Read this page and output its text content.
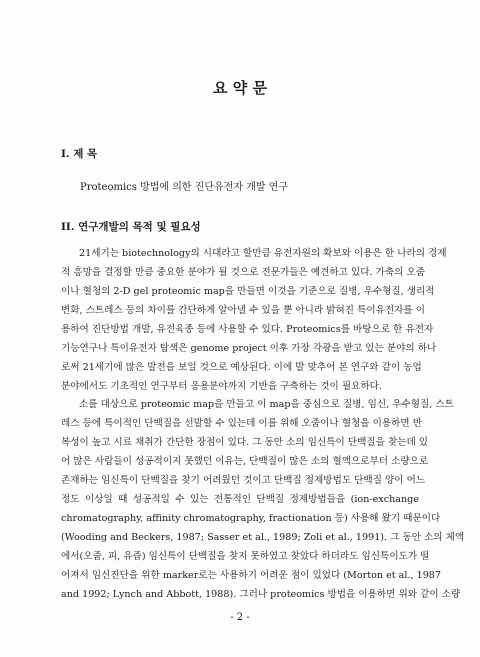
요 약 문
I. 제 목
Proteomics 방법에 의한 진단유전자 개발 연구
II. 연구개발의 목적 및 필요성
21세기는 biotechnology의 시대라고 할만큼 유전자원의 확보와 이용은 한 나라의 경제
적 흥망을 결정할 만큼 중요한 분야가 될 것으로 전문가들은 예견하고 있다. 가축의 오줌
이나 혈청의 2-D gel proteomic map을 만들면 이것을 기준으로 질병, 우수형질, 생리적
변화, 스트레스 등의 차이를 간단하게 알아낼 수 있을 뿐 아니라 밝혀진 특이유전자를 이
용하여 진단방법 개발, 유전육종 등에 사용할 수 있다. Proteomics를 바탕으로 한 유전자
기능연구나 특이유전자 탐색은 genome project 이후 가장 각광을 받고 있는 분야의 하나
로써 21세기에 많은 발전을 보일 것으로 예상된다. 이에 발 맞추어 본 연구와 같이 농업
분야에서도 기초적인 연구부터 응용분야까지 기반을 구축하는 것이 필요하다.
소를 대상으로 proteomic map을 만들고 이 map을 중심으로 질병, 임신, 우수형질, 스트
레스 등에 특이적인 단백질을 선발할 수 있는데 이를 위해 오줌이나 혈청을 이용하면 반
복성이 높고 시료 채취가 간단한 장점이 있다. 그 동안 소의 임신특이 단백질을 찾는데 있
어 많은 사람들이 성공적이지 못했던 이유는, 단백질이 많은 소의 혈액으로부터 소량으로
존재하는 임신특이 단백질을 찾기 어려웠던 것이고 단백질 정제방법도 단백질 양이 어느
정도 이상일 때 성공적일 수 있는 전통적인 단백질 정제방법들을 (ion-exchange
chromatography, affinity chromatography, fractionation 등) 사용해 왔기 때문이다
(Wooding and Beckers, 1987; Sasser et al., 1989; Zoli et al., 1991). 그 동안 소의 체액
에서(오줌, 피, 유즙) 임신특이 단백질을 찾지 못하였고 찾았다 하더라도 임신특이도가 떨
어져서 임신진단을 위한 marker로는 사용하기 어려운 점이 있었다 (Morton et al., 1987
and 1992; Lynch and Abbott, 1988). 그러나 proteomics 방법을 이용하면 위와 같이 소량
- 2 -
